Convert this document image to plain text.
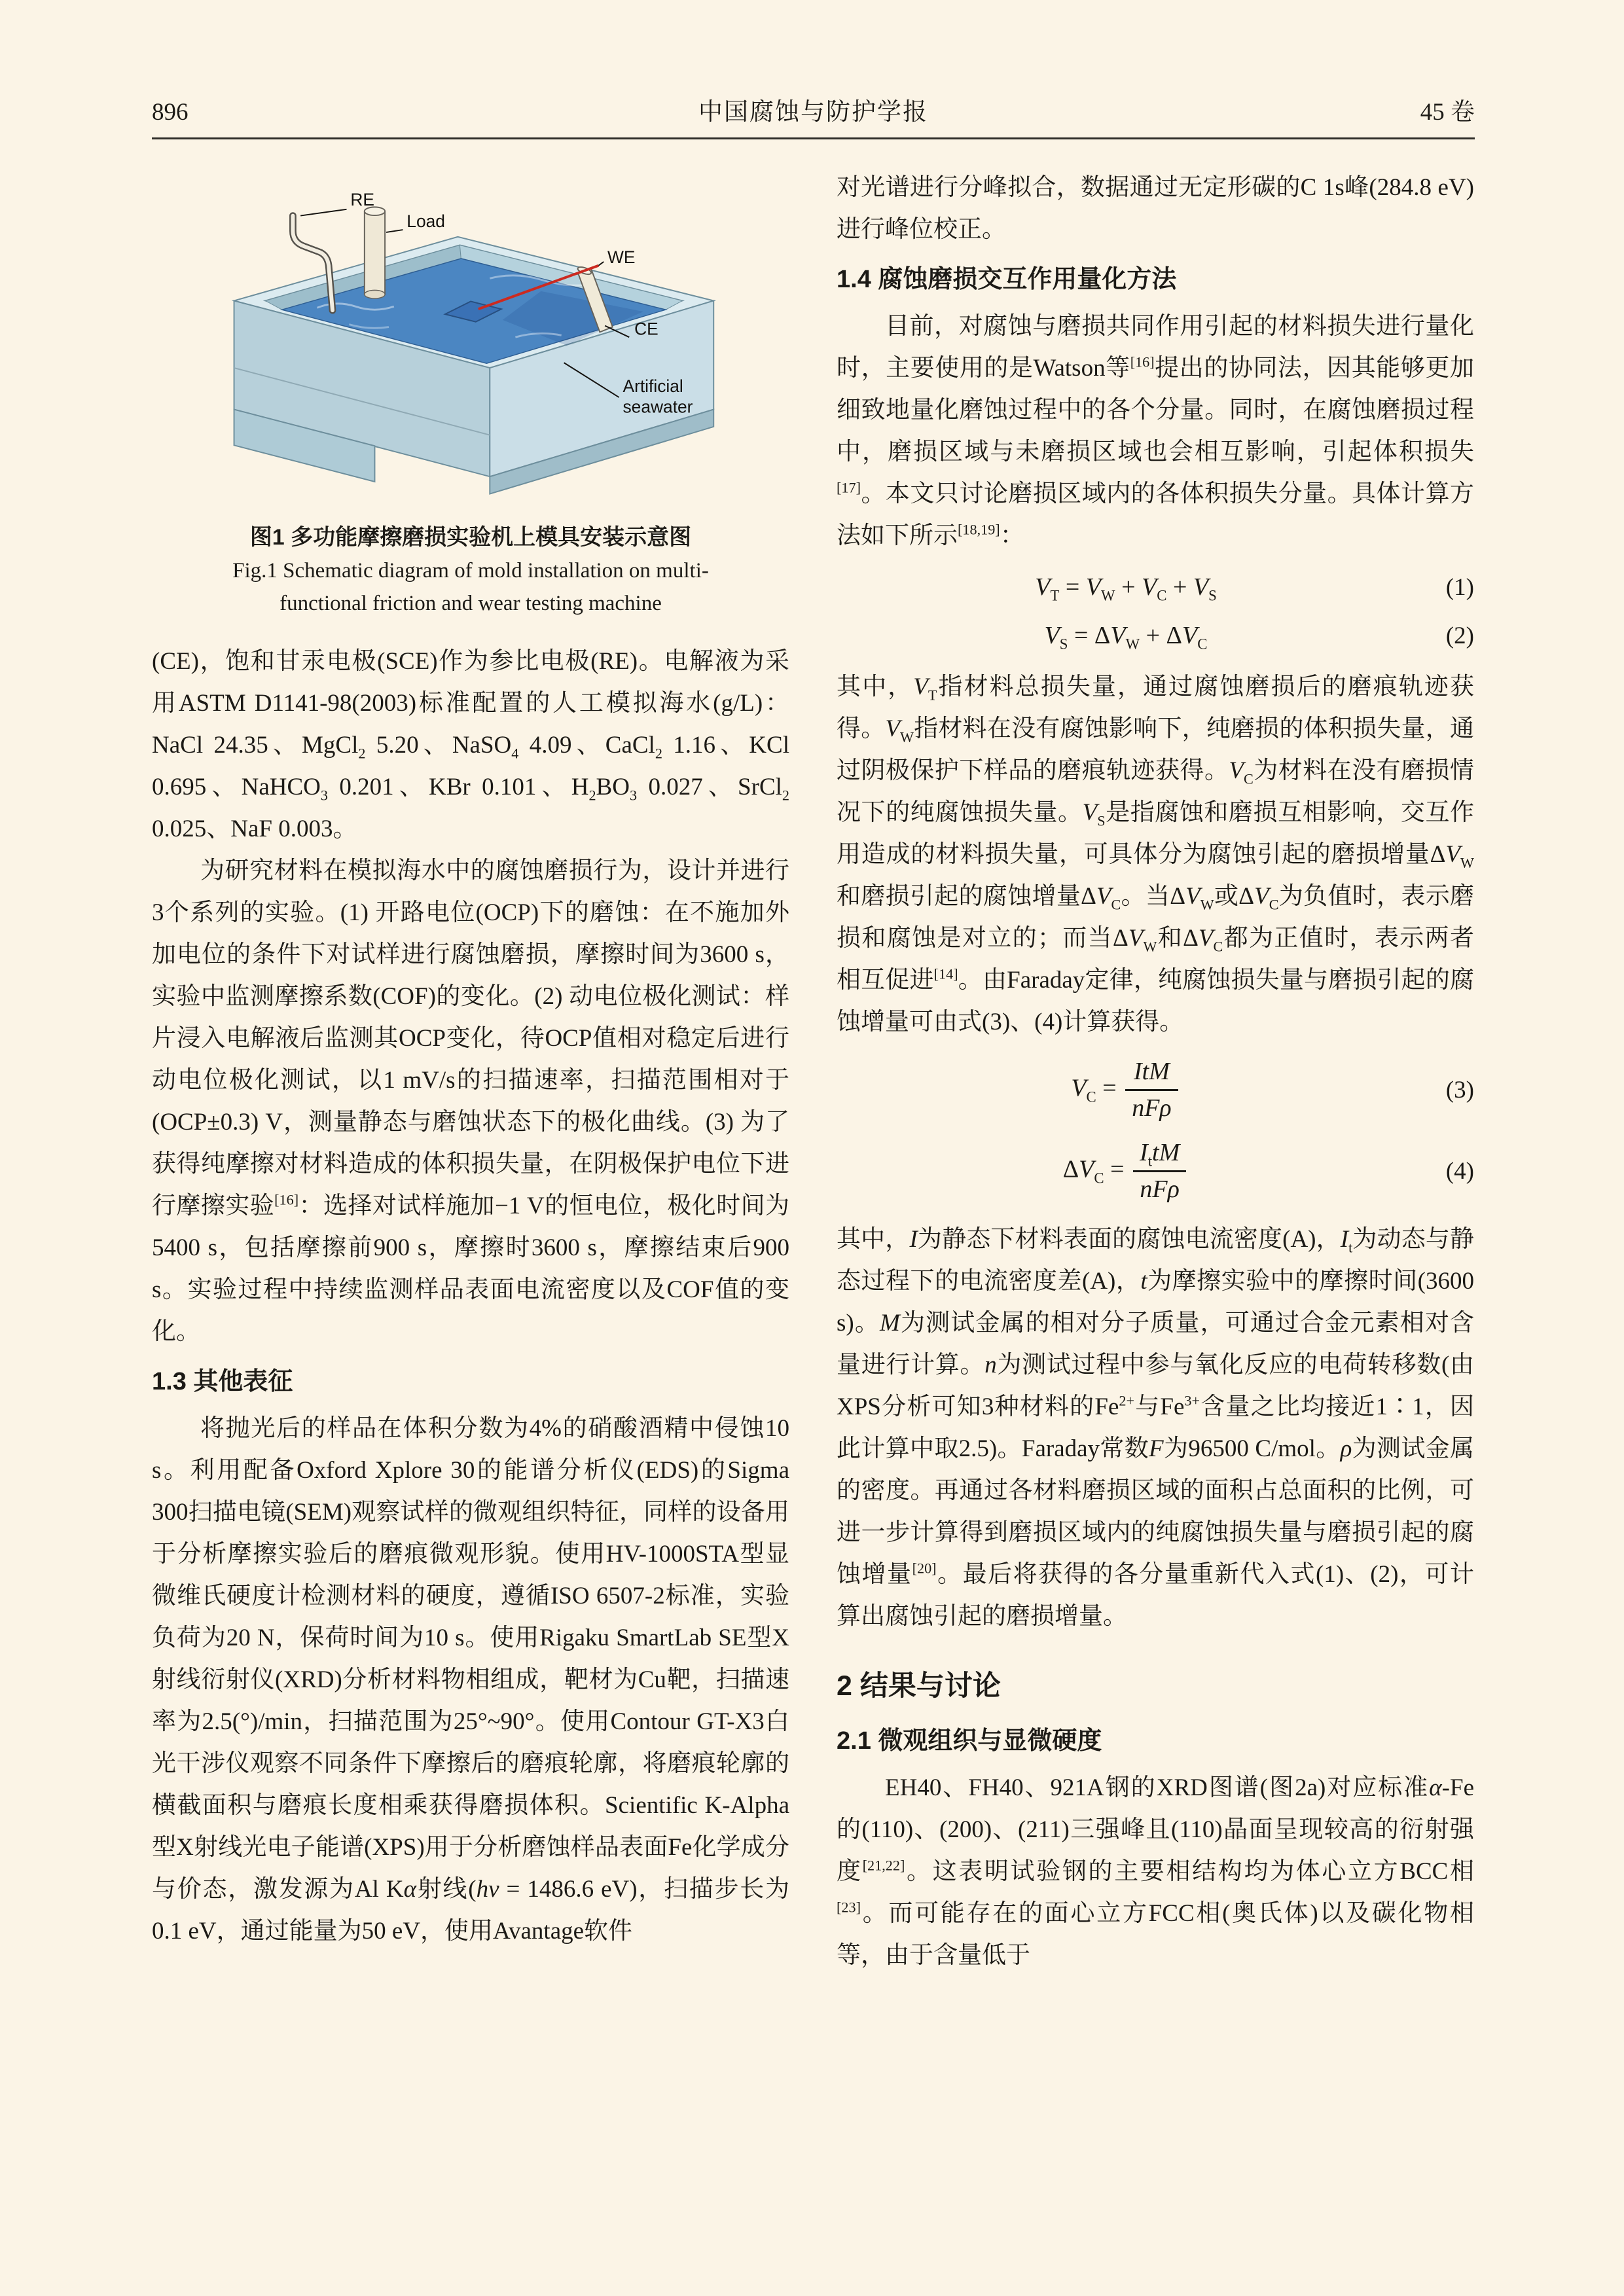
896	中国腐蚀与防护学报	45 卷
RE
Load
WE
CE
Artificial
seawater
图1 多功能摩擦磨损实验机上模具安装示意图
Fig.1 Schematic diagram of mold installation on multi-
functional friction and wear testing machine

(CE)，饱和甘汞电极(SCE)作为参比电极(RE)。电解液为采用ASTM D1141-98(2003)标准配置的人工模拟海水(g/L)：NaCl 24.35、MgCl$_2$ 5.20、NaSO$_4$ 4.09、CaCl$_2$ 1.16、KCl 0.695、NaHCO$_3$ 0.201、KBr 0.101、$H_2BO_3$ 0.027、SrCl$_2$ 0.025、NaF 0.003。

为研究材料在模拟海水中的腐蚀磨损行为，设计并进行3个系列的实验。(1) 开路电位(OCP)下的磨蚀：在不施加外加电位的条件下对试样进行腐蚀磨损，摩擦时间为3600 s，实验中监测摩擦系数(COF)的变化。(2) 动电位极化测试：样片浸入电解液后监测其OCP变化，待OCP值相对稳定后进行动电位极化测试，以1 mV/s的扫描速率，扫描范围相对于(OCP±0.3) V，测量静态与磨蚀状态下的极化曲线。(3) 为了获得纯摩擦对材料造成的体积损失量，在阴极保护电位下进行摩擦实验[16]：选择对试样施加−1 V的恒电位，极化时间为5400 s，包括摩擦前900 s，摩擦时3600 s，摩擦结束后900 s。实验过程中持续监测样品表面电流密度以及COF值的变化。

1.3 其他表征

将抛光后的样品在体积分数为4%的硝酸酒精中侵蚀10 s。利用配备Oxford Xplore 30的能谱分析仪(EDS)的Sigma 300扫描电镜(SEM)观察试样的微观组织特征，同样的设备用于分析摩擦实验后的磨痕微观形貌。使用HV-1000STA型显微维氏硬度计检测材料的硬度，遵循ISO 6507-2标准，实验负荷为20 N，保荷时间为10 s。使用Rigaku SmartLab SE型X射线衍射仪(XRD)分析材料物相组成，靶材为Cu靶，扫描速率为2.5(°)/min，扫描范围为25°~90°。使用Contour GT-X3白光干涉仪观察不同条件下摩擦后的磨痕轮廓，将磨痕轮廓的横截面积与磨痕长度相乘获得磨损体积。Scientific K-Alpha型X射线光电子能谱(XPS)用于分析磨蚀样品表面Fe化学成分与价态，激发源为Al Kα射线(hν = 1486.6 eV)，扫描步长为0.1 eV，通过能量为50 eV，使用Avantage软件

对光谱进行分峰拟合，数据通过无定形碳的C 1s峰(284.8 eV)进行峰位校正。

1.4 腐蚀磨损交互作用量化方法

目前，对腐蚀与磨损共同作用引起的材料损失进行量化时，主要使用的是Watson等[16]提出的协同法，因其能够更加细致地量化磨蚀过程中的各个分量。同时，在腐蚀磨损过程中，磨损区域与未磨损区域也会相互影响，引起体积损失[17]。本文只讨论磨损区域内的各体积损失分量。具体计算方法如下所示[18,19]：

$V_T = V_W + V_C + V_S$	(1)
$V_S = \Delta V_W + \Delta V_C$	(2)

其中，$V_T$指材料总损失量，通过腐蚀磨损后的磨痕轨迹获得。$V_W$指材料在没有腐蚀影响下，纯磨损的体积损失量，通过阴极保护下样品的磨痕轨迹获得。$V_C$为材料在没有磨损情况下的纯腐蚀损失量。$V_S$是指腐蚀和磨损互相影响，交互作用造成的材料损失量，可具体分为腐蚀引起的磨损增量$\Delta V_W$和磨损引起的腐蚀增量$\Delta V_C$。当$\Delta V_W$或$\Delta V_C$为负值时，表示磨损和腐蚀是对立的；而当$\Delta V_W$和$\Delta V_C$都为正值时，表示两者相互促进[14]。由Faraday定律，纯腐蚀损失量与磨损引起的腐蚀增量可由式(3)、(4)计算获得。

$V_C = \frac{\text{ItM}}{\text{nFρ}}$	(3)
$\Delta V_C = \frac{I_ttM}{\text{nFρ}}$	(4)

其中，I为静态下材料表面的腐蚀电流密度(A)，$I_t$为动态与静态过程下的电流密度差(A)，t为摩擦实验中的摩擦时间(3600 s)。M为测试金属的相对分子质量，可通过合金元素相对含量进行计算。n为测试过程中参与氧化反应的电荷转移数(由XPS分析可知3种材料的$Fe^{2+}$与$Fe^{3+}$含量之比均接近1∶1，因此计算中取2.5)。Faraday常数F为96500 C/mol。ρ为测试金属的密度。再通过各材料磨损区域的面积占总面积的比例，可进一步计算得到磨损区域内的纯腐蚀损失量与磨损引起的腐蚀增量[20]。最后将获得的各分量重新代入式(1)、(2)，可计算出腐蚀引起的磨损增量。

2 结果与讨论
2.1 微观组织与显微硬度

EH40、FH40、921A钢的XRD图谱(图2a)对应标准α-Fe的(110)、(200)、(211)三强峰且(110)晶面呈现较高的衍射强度[21,22]。这表明试验钢的主要相结构均为体心立方BCC相[23]。而可能存在的面心立方FCC相(奥氏体)以及碳化物相等，由于含量低于
